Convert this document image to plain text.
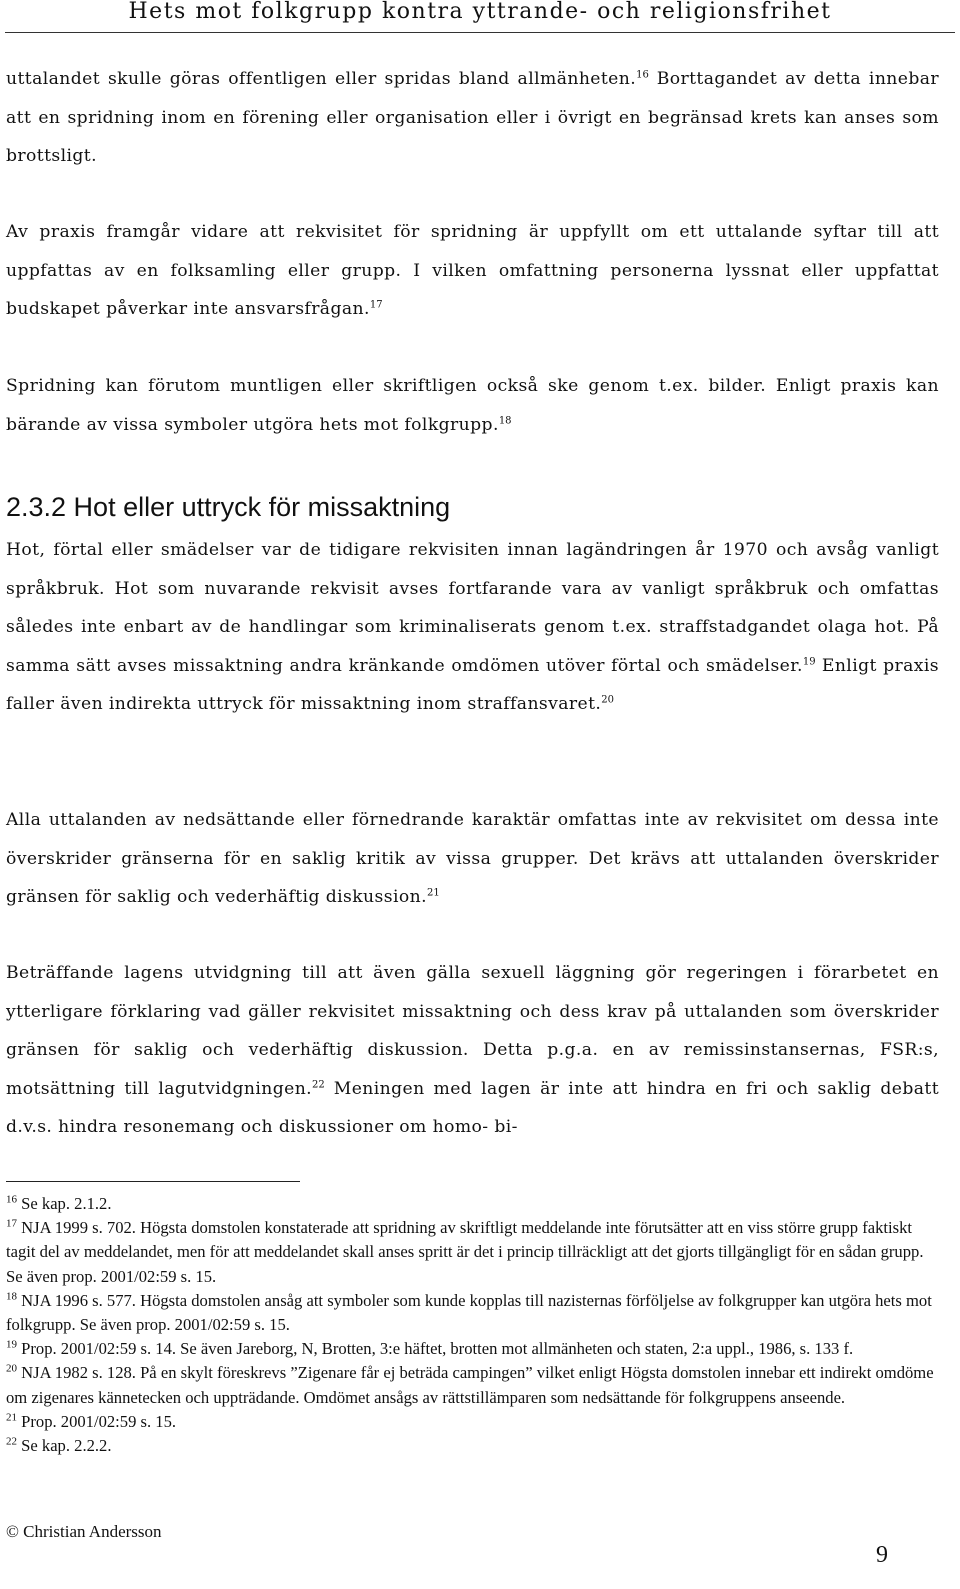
Hets mot folkgrupp kontra yttrande- och religionsfrihet
uttalandet skulle göras offentligen eller spridas bland allmänheten.$^{16}$ Borttagandet av detta innebar att en spridning inom en förening eller organisation eller i övrigt en begränsad krets kan anses som brottsligt.
Av praxis framgår vidare att rekvisitet för spridning är uppfyllt om ett uttalande syftar till att uppfattas av en folksamling eller grupp. I vilken omfattning personerna lyssnat eller uppfattat budskapet påverkar inte ansvarsfrågan.$^{17}$
Spridning kan förutom muntligen eller skriftligen också ske genom t.ex. bilder. Enligt praxis kan bärande av vissa symboler utgöra hets mot folkgrupp.$^{18}$
2.3.2 Hot eller uttryck för missaktning
Hot, förtal eller smädelser var de tidigare rekvisiten innan lagändringen år 1970 och avsåg vanligt språkbruk. Hot som nuvarande rekvisit avses fortfarande vara av vanligt språkbruk och omfattas således inte enbart av de handlingar som kriminaliserats genom t.ex. straffstadgandet olaga hot. På samma sätt avses missaktning andra kränkande omdömen utöver förtal och smädelser.$^{19}$ Enligt praxis faller även indirekta uttryck för missaktning inom straffansvaret.$^{20}$
Alla uttalanden av nedsättande eller förnedrande karaktär omfattas inte av rekvisitet om dessa inte överskrider gränserna för en saklig kritik av vissa grupper. Det krävs att uttalanden överskrider gränsen för saklig och vederhäftig diskussion.$^{21}$
Beträffande lagens utvidgning till att även gälla sexuell läggning gör regeringen i förarbetet en ytterligare förklaring vad gäller rekvisitet missaktning och dess krav på uttalanden som överskrider gränsen för saklig och vederhäftig diskussion. Detta p.g.a. en av remissinstansernas, FSR:s, motsättning till lagutvidgningen.$^{22}$ Meningen med lagen är inte att hindra en fri och saklig debatt d.v.s. hindra resonemang och diskussioner om homo- bi-

$^{16}$ Se kap. 2.1.2.

$^{17}$ NJA 1999 s. 702. Högsta domstolen konstaterade att spridning av skriftligt meddelande inte förutsätter att en viss större grupp faktiskt tagit del av meddelandet, men för att meddelandet skall anses spritt är det i princip tillräckligt att det gjorts tillgängligt för en sådan grupp. Se även prop. 2001/02:59 s. 15.

$^{18}$ NJA 1996 s. 577. Högsta domstolen ansåg att symboler som kunde kopplas till nazisternas förföljelse av folkgrupper kan utgöra hets mot folkgrupp. Se även prop. 2001/02:59 s. 15.

$^{19}$ Prop. 2001/02:59 s. 14. Se även Jareborg, N, Brotten, 3:e häftet, brotten mot allmänheten och staten, 2:a uppl., 1986, s. 133 f.

$^{20}$ NJA 1982 s. 128. På en skylt föreskrevs ”Zigenare får ej beträda campingen” vilket enligt Högsta domstolen innebar ett indirekt omdöme om zigenares kännetecken och uppträdande. Omdömet ansågs av rättstillämparen som nedsättande för folkgruppens anseende.

$^{21}$ Prop. 2001/02:59 s. 15.

$^{22}$ Se kap. 2.2.2.

© Christian Andersson
9
